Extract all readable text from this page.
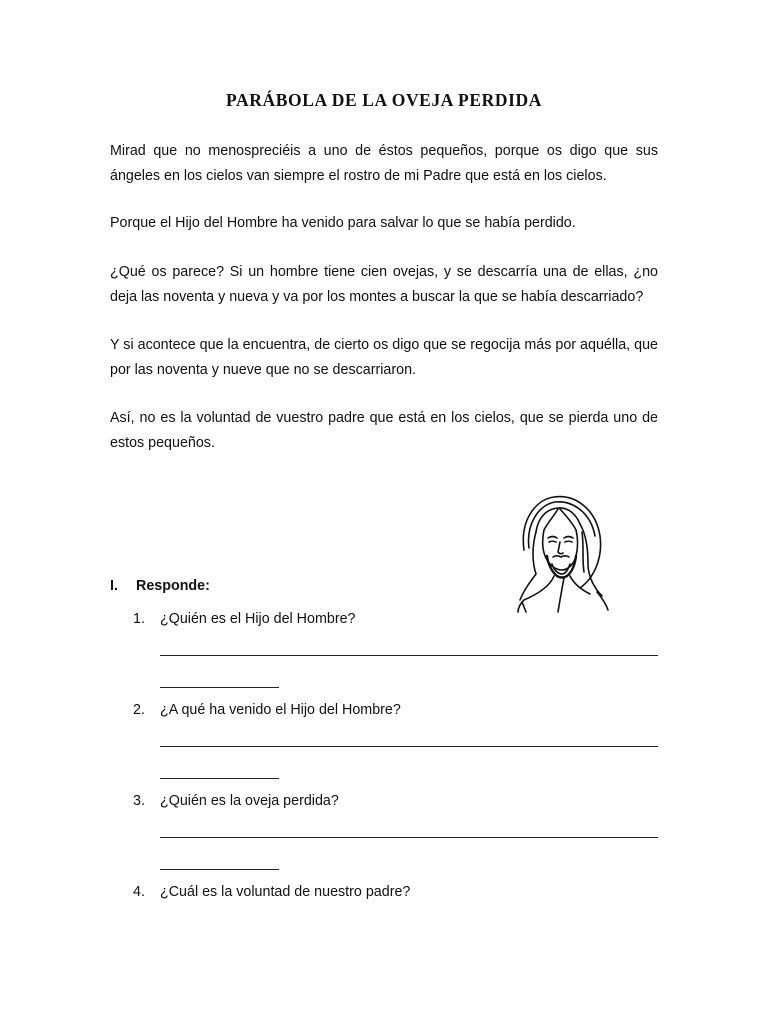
PARÁBOLA DE LA OVEJA PERDIDA
Mirad que no menospreciéis a uno de éstos pequeños, porque os digo que sus ángeles en los cielos van siempre el rostro de mi Padre que está en los cielos.
Porque el Hijo del Hombre ha venido para salvar lo que se había perdido.
¿Qué os parece? Si un hombre tiene cien ovejas, y se descarría una de ellas, ¿no deja las noventa y nueva y va por los montes a buscar la que se había descarriado?
Y si acontece que la encuentra, de cierto os digo que se regocija más por aquélla, que por las noventa y nueve que no se descarriaron.
Así, no es la voluntad de vuestro padre que está en los cielos, que se pierda uno de estos pequeños.
I. Responde:
1. ¿Quién es el Hijo del Hombre?
2. ¿A qué ha venido el Hijo del Hombre?
3. ¿Quién es la oveja perdida?
4. ¿Cuál es la voluntad de nuestro padre?
